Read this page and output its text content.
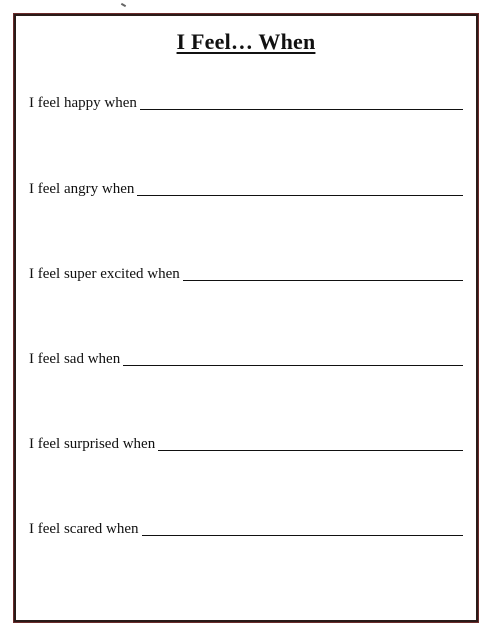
I Feel… When
I feel happy when
I feel angry when
I feel super excited when
I feel sad when
I feel surprised when
I feel scared when
